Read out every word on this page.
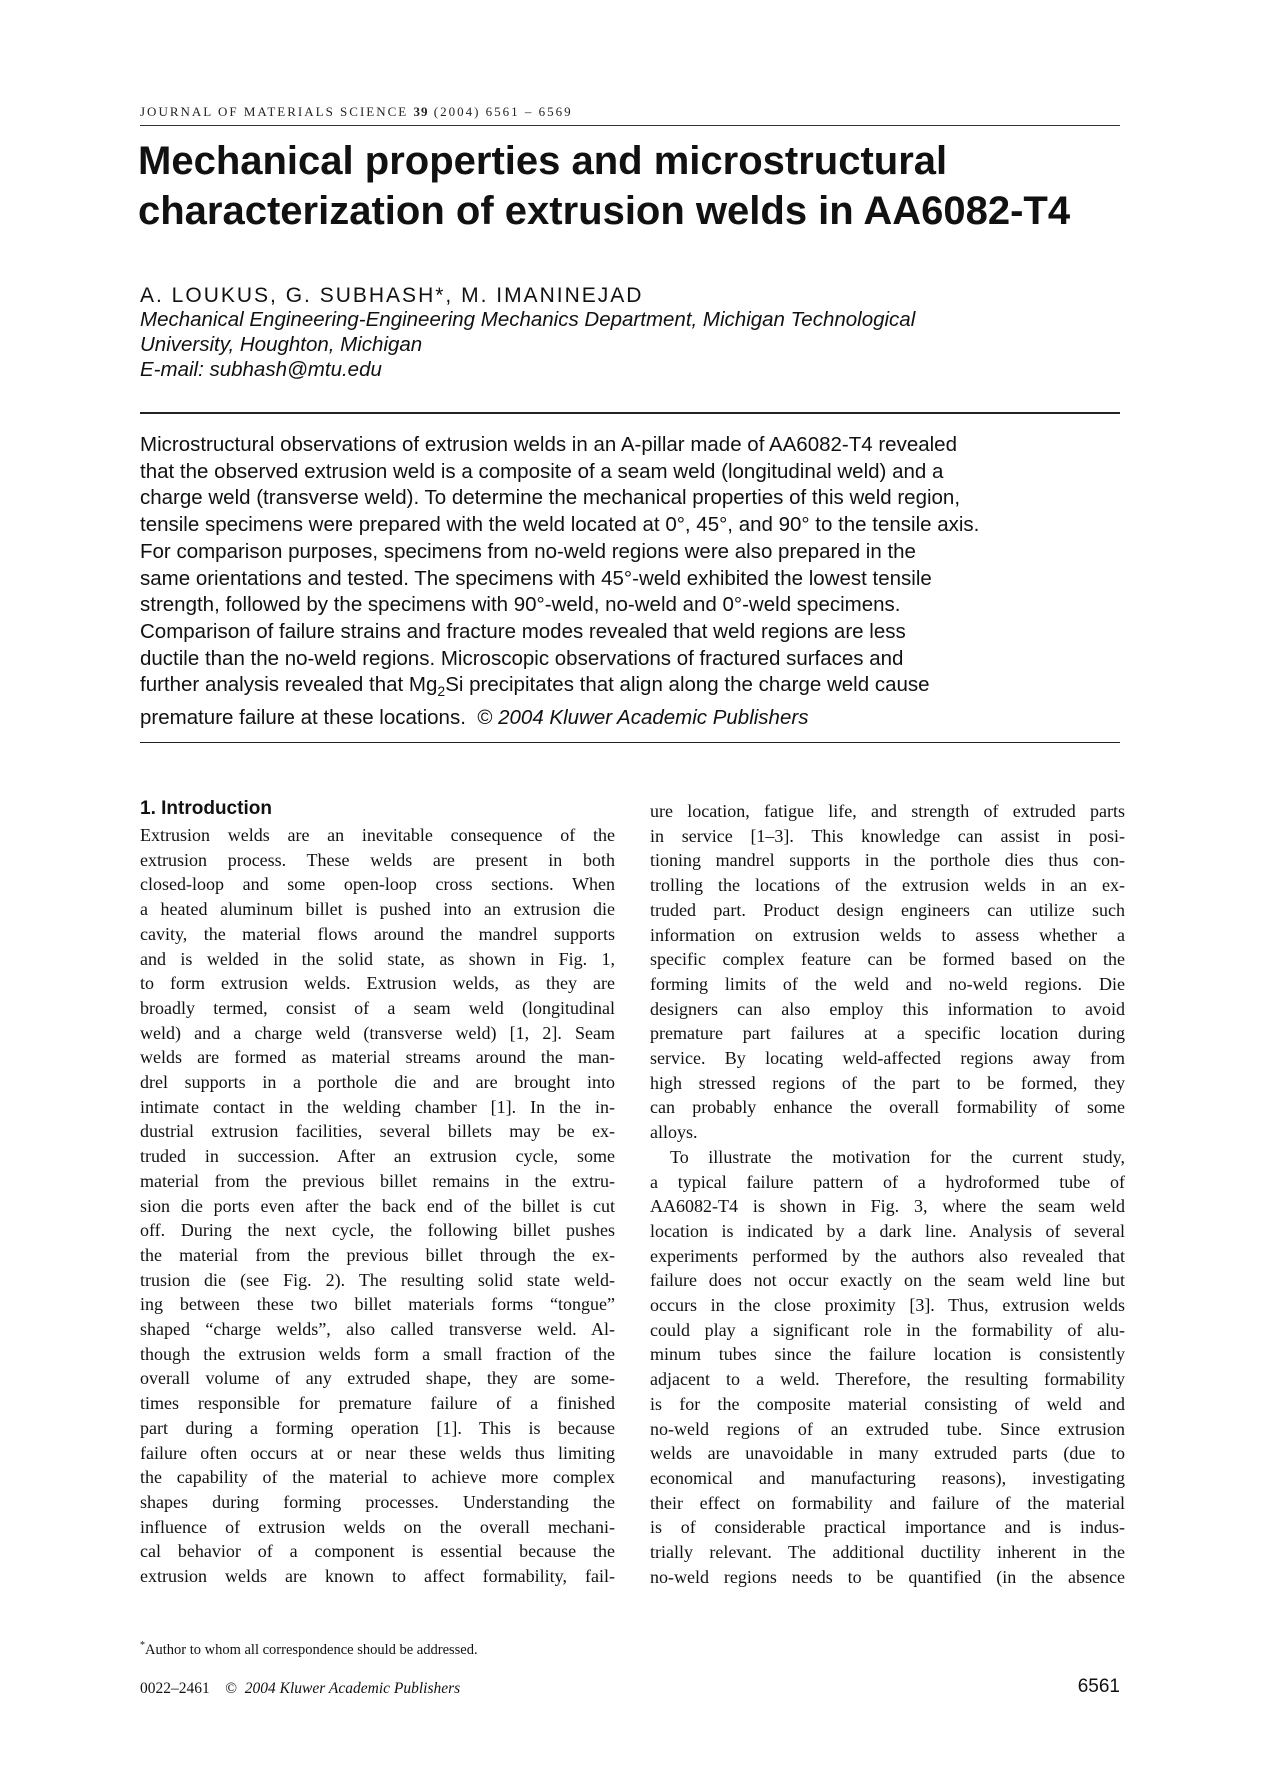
JOURNAL OF MATERIALS SCIENCE 39 (2004) 6561 – 6569
Mechanical properties and microstructural
characterization of extrusion welds in AA6082-T4
A. LOUKUS, G. SUBHASH*, M. IMANINEJAD
Mechanical Engineering-Engineering Mechanics Department, Michigan Technological
University, Houghton, Michigan
E-mail: subhash@mtu.edu
Microstructural observations of extrusion welds in an A-pillar made of AA6082-T4 revealed
that the observed extrusion weld is a composite of a seam weld (longitudinal weld) and a
charge weld (transverse weld). To determine the mechanical properties of this weld region,
tensile specimens were prepared with the weld located at 0°, 45°, and 90° to the tensile axis.
For comparison purposes, specimens from no-weld regions were also prepared in the
same orientations and tested. The specimens with 45°-weld exhibited the lowest tensile
strength, followed by the specimens with 90°-weld, no-weld and 0°-weld specimens.
Comparison of failure strains and fracture modes revealed that weld regions are less
ductile than the no-weld regions. Microscopic observations of fractured surfaces and
further analysis revealed that $Mg_2Si$ precipitates that align along the charge weld cause
premature failure at these locations. © 2004 Kluwer Academic Publishers
1. Introduction
Extrusion welds are an inevitable consequence of the
extrusion process. These welds are present in both
closed-loop and some open-loop cross sections. When
a heated aluminum billet is pushed into an extrusion die
cavity, the material flows around the mandrel supports
and is welded in the solid state, as shown in Fig. 1,
to form extrusion welds. Extrusion welds, as they are
broadly termed, consist of a seam weld (longitudinal
weld) and a charge weld (transverse weld) [1, 2]. Seam
welds are formed as material streams around the man-
drel supports in a porthole die and are brought into
intimate contact in the welding chamber [1]. In the in-
dustrial extrusion facilities, several billets may be ex-
truded in succession. After an extrusion cycle, some
material from the previous billet remains in the extru-
sion die ports even after the back end of the billet is cut
off. During the next cycle, the following billet pushes
the material from the previous billet through the ex-
trusion die (see Fig. 2). The resulting solid state weld-
ing between these two billet materials forms “tongue”
shaped “charge welds”, also called transverse weld. Al-
though the extrusion welds form a small fraction of the
overall volume of any extruded shape, they are some-
times responsible for premature failure of a finished
part during a forming operation [1]. This is because
failure often occurs at or near these welds thus limiting
the capability of the material to achieve more complex
shapes during forming processes. Understanding the
influence of extrusion welds on the overall mechani-
cal behavior of a component is essential because the
extrusion welds are known to affect formability, fail-
ure location, fatigue life, and strength of extruded parts
in service [1–3]. This knowledge can assist in posi-
tioning mandrel supports in the porthole dies thus con-
trolling the locations of the extrusion welds in an ex-
truded part. Product design engineers can utilize such
information on extrusion welds to assess whether a
specific complex feature can be formed based on the
forming limits of the weld and no-weld regions. Die
designers can also employ this information to avoid
premature part failures at a specific location during
service. By locating weld-affected regions away from
high stressed regions of the part to be formed, they
can probably enhance the overall formability of some
alloys.
To illustrate the motivation for the current study,
a typical failure pattern of a hydroformed tube of
AA6082-T4 is shown in Fig. 3, where the seam weld
location is indicated by a dark line. Analysis of several
experiments performed by the authors also revealed that
failure does not occur exactly on the seam weld line but
occurs in the close proximity [3]. Thus, extrusion welds
could play a significant role in the formability of alu-
minum tubes since the failure location is consistently
adjacent to a weld. Therefore, the resulting formability
is for the composite material consisting of weld and
no-weld regions of an extruded tube. Since extrusion
welds are unavoidable in many extruded parts (due to
economical and manufacturing reasons), investigating
their effect on formability and failure of the material
is of considerable practical importance and is indus-
trially relevant. The additional ductility inherent in the
no-weld regions needs to be quantified (in the absence
*Author to whom all correspondence should be addressed.
0022–2461 © 2004 Kluwer Academic Publishers	6561
